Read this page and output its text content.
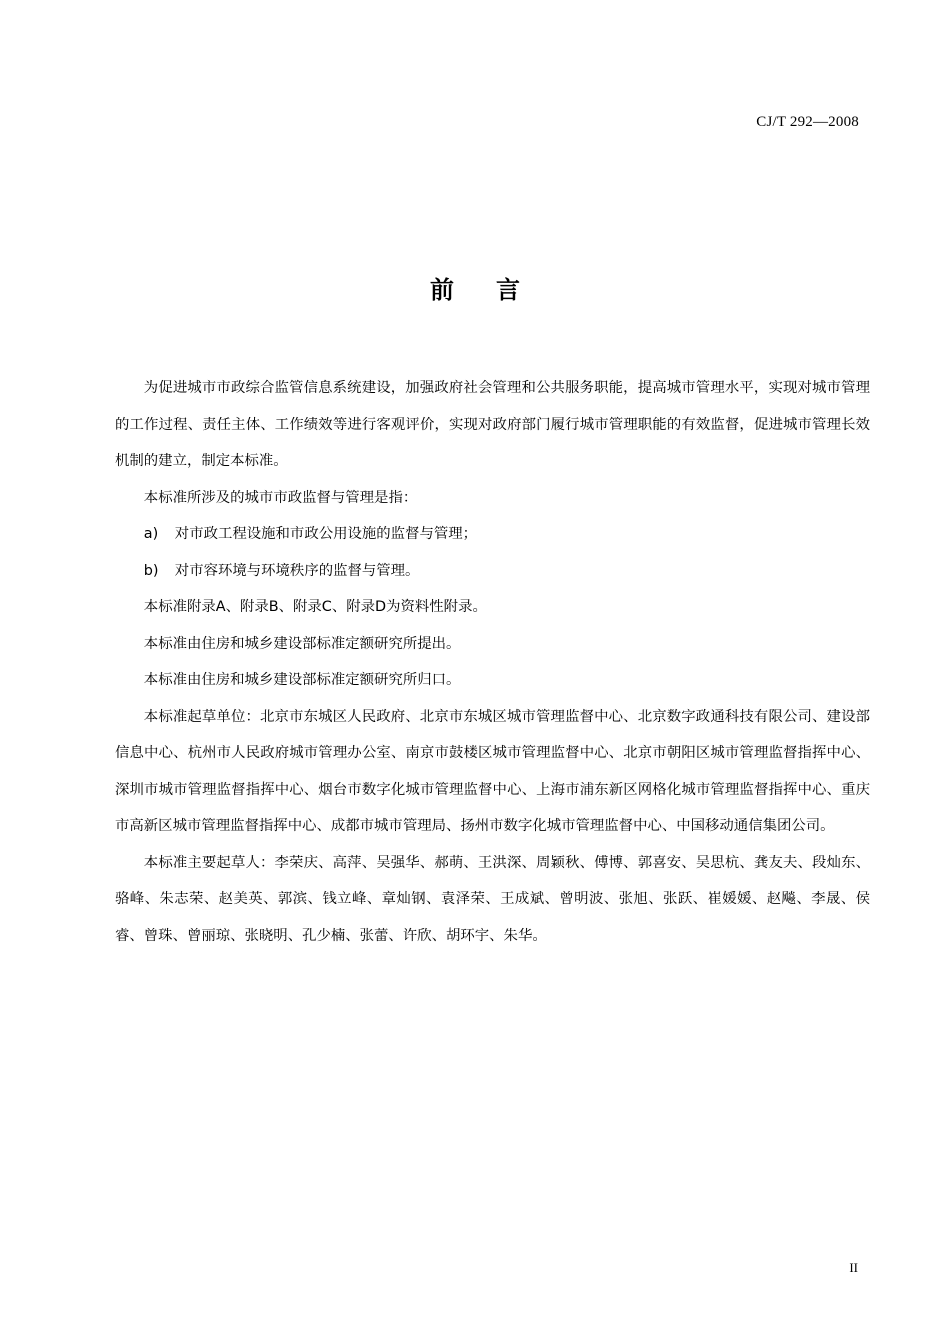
CJ/T 292—2008
前 言

为促进城市市政综合监管信息系统建设，加强政府社会管理和公共服务职能，提高城市管理水平，实现对城市管理的工作过程、责任主体、工作绩效等进行客观评价，实现对政府部门履行城市管理职能的有效监督，促进城市管理长效机制的建立，制定本标准。

本标准所涉及的城市市政监督与管理是指：

a) 对市政工程设施和市政公用设施的监督与管理；

b) 对市容环境与环境秩序的监督与管理。

本标准附录A、附录B、附录C、附录D为资料性附录。

本标准由住房和城乡建设部标准定额研究所提出。

本标准由住房和城乡建设部标准定额研究所归口。

本标准起草单位：北京市东城区人民政府、北京市东城区城市管理监督中心、北京数字政通科技有限公司、建设部信息中心、杭州市人民政府城市管理办公室、南京市鼓楼区城市管理监督中心、北京市朝阳区城市管理监督指挥中心、深圳市城市管理监督指挥中心、烟台市数字化城市管理监督中心、上海市浦东新区网格化城市管理监督指挥中心、重庆市高新区城市管理监督指挥中心、成都市城市管理局、扬州市数字化城市管理监督中心、中国移动通信集团公司。

本标准主要起草人：李荣庆、高萍、吴强华、郝萌、王洪深、周颖秋、傅博、郭喜安、吴思杭、龚友夫、段灿东、骆峰、朱志荣、赵美英、郭滨、钱立峰、章灿钢、袁泽荣、王成斌、曾明波、张旭、张跃、崔媛媛、赵飚、李晟、侯睿、曾珠、曾丽琼、张晓明、孔少楠、张蕾、许欣、胡环宇、朱华。

II
